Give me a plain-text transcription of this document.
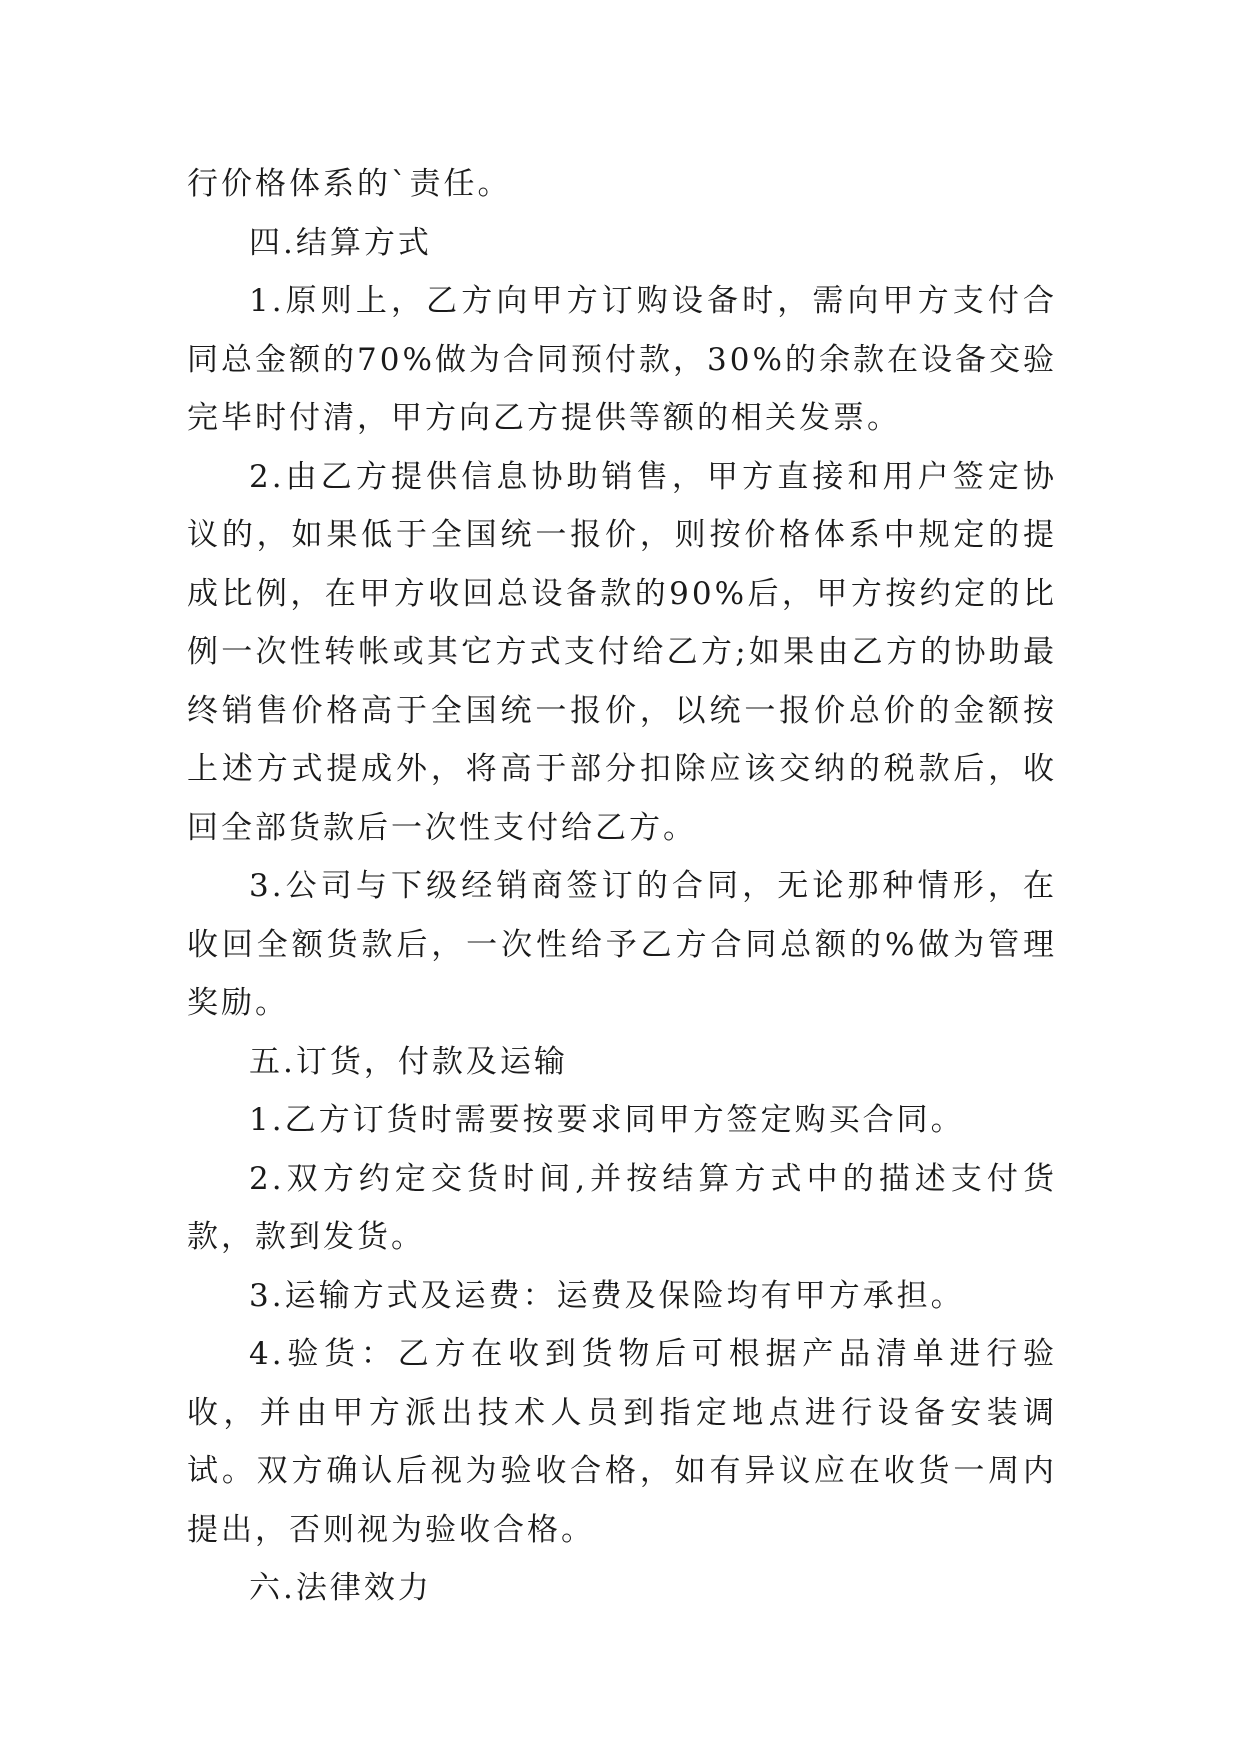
行价格体系的`责任。

四.结算方式

1.原则上，乙方向甲方订购设备时，需向甲方支付合同总金额的70%做为合同预付款，30%的余款在设备交验完毕时付清，甲方向乙方提供等额的相关发票。

2.由乙方提供信息协助销售，甲方直接和用户签定协议的，如果低于全国统一报价，则按价格体系中规定的提成比例，在甲方收回总设备款的90%后，甲方按约定的比例一次性转帐或其它方式支付给乙方;如果由乙方的协助最终销售价格高于全国统一报价，以统一报价总价的金额按上述方式提成外，将高于部分扣除应该交纳的税款后，收回全部货款后一次性支付给乙方。

3.公司与下级经销商签订的合同，无论那种情形，在收回全额货款后，一次性给予乙方合同总额的%做为管理奖励。

五.订货，付款及运输

1.乙方订货时需要按要求同甲方签定购买合同。

2.双方约定交货时间,并按结算方式中的描述支付货款，款到发货。

3.运输方式及运费：运费及保险均有甲方承担。

4.验货：乙方在收到货物后可根据产品清单进行验收，并由甲方派出技术人员到指定地点进行设备安装调试。双方确认后视为验收合格，如有异议应在收货一周内提出，否则视为验收合格。

六.法律效力
